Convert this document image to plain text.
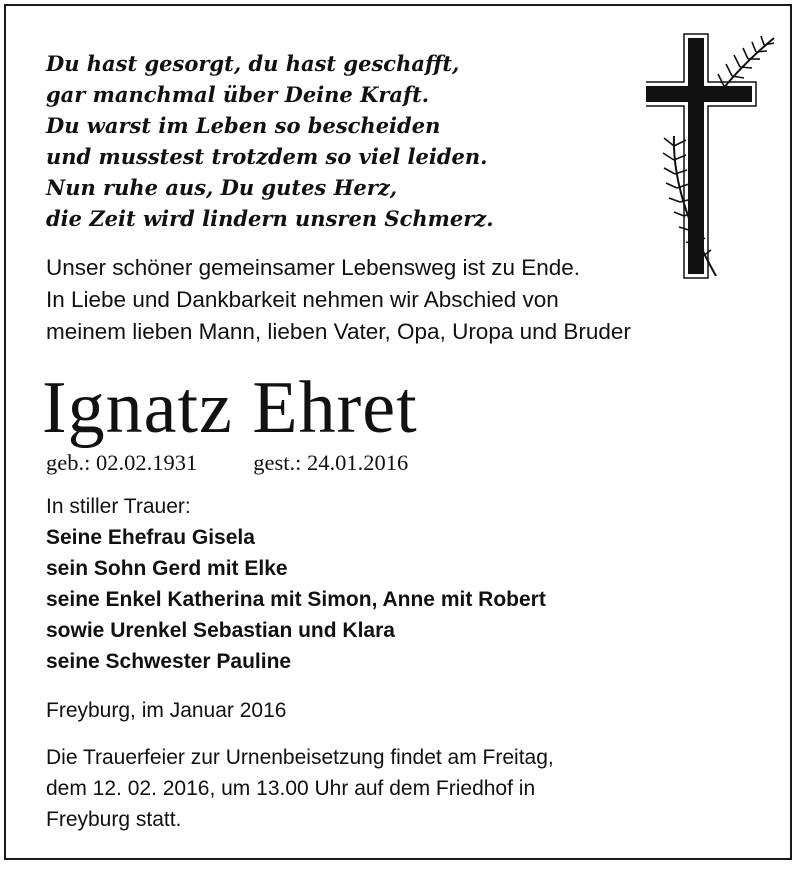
Du hast gesorgt, du hast geschafft,
gar manchmal über Deine Kraft.
Du warst im Leben so bescheiden
und musstest trotzdem so viel leiden.
Nun ruhe aus, Du gutes Herz,
die Zeit wird lindern unsren Schmerz.
Unser schöner gemeinsamer Lebensweg ist zu Ende.
In Liebe und Dankbarkeit nehmen wir Abschied von
meinem lieben Mann, lieben Vater, Opa, Uropa und Bruder
Ignatz Ehret
geb.: 02.02.1931 gest.: 24.01.2016
In stiller Trauer:
Seine Ehefrau Gisela
sein Sohn Gerd mit Elke
seine Enkel Katherina mit Simon, Anne mit Robert
sowie Urenkel Sebastian und Klara
seine Schwester Pauline
Freyburg, im Januar 2016
Die Trauerfeier zur Urnenbeisetzung findet am Freitag,
dem 12. 02. 2016, um 13.00 Uhr auf dem Friedhof in
Freyburg statt.
